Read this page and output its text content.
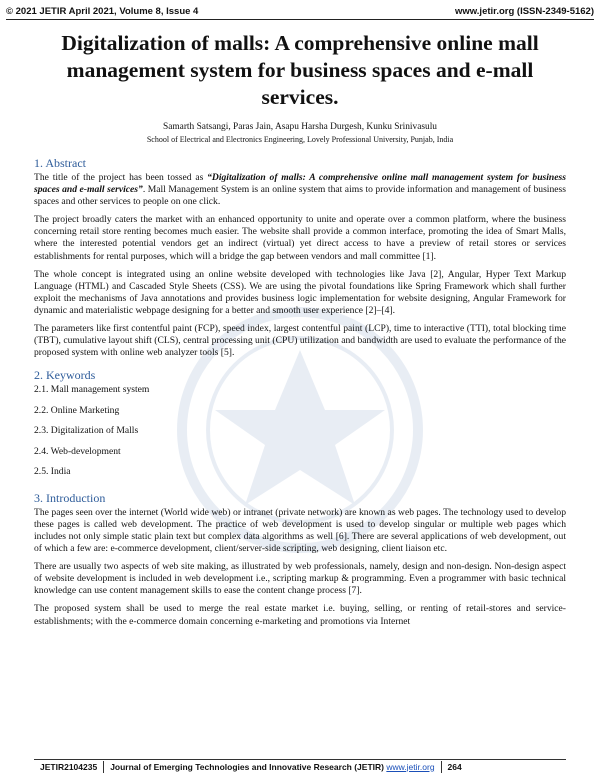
© 2021 JETIR April 2021, Volume 8, Issue 4	www.jetir.org (ISSN-2349-5162)
Digitalization of malls: A comprehensive online mall
management system for business spaces and e-mall
services.
Samarth Satsangi, Paras Jain, Asapu Harsha Durgesh, Kunku Srinivasulu
School of Electrical and Electronics Engineering, Lovely Professional University, Punjab, India
1. Abstract

The title of the project has been tossed as “Digitalization of malls: A comprehensive online mall management system for business spaces and e-mall services”. Mall Management System is an online system that aims to provide information and management of business spaces and other services to people on one click.

The project broadly caters the market with an enhanced opportunity to unite and operate over a common platform, where the business concerning retail store renting becomes much easier. The website shall provide a common interface, promoting the idea of Smart Malls, where the interested potential vendors get an indirect (virtual) yet direct access to have a preview of retail stores or services establishments for rental purposes, which will a bridge the gap between vendors and mall committee [1].

The whole concept is integrated using an online website developed with technologies like Java [2], Angular, Hyper Text Markup Language (HTML) and Cascaded Style Sheets (CSS). We are using the pivotal foundations like Spring Framework which shall further exploit the mechanisms of Java annotations and provides business logic implementation for website designing, Angular Framework for dynamic and materialistic webpage designing for a better and smooth user experience [2]–[4].

The parameters like first contentful paint (FCP), speed index, largest contentful paint (LCP), time to interactive (TTI), total blocking time (TBT), cumulative layout shift (CLS), central processing unit (CPU) utilization and bandwidth are used to evaluate the performance of the proposed system with online web analyzer tools [5].

2. Keywords
2.1. Mall management system
2.2. Online Marketing
2.3. Digitalization of Malls
2.4. Web-development
2.5. India
3. Introduction

The pages seen over the internet (World wide web) or intranet (private network) are known as web pages. The technology used to develop these pages is called web development. The practice of web development is used to develop singular or multiple web pages which includes not only simple static plain text but complex data algorithms as well [6]. There are several applications of web development, out of which a few are: e-commerce development, client/server-side scripting, web designing, client liaison etc.

There are usually two aspects of web site making, as illustrated by web professionals, namely, design and non-design. Non-design aspect of website development is included in web development i.e., scripting markup & programming. Even a programmer with basic technical knowledge can use content management skills to ease the content change process [7].

The proposed system shall be used to merge the real estate market i.e. buying, selling, or renting of retail-stores and service-establishments; with the e-commerce domain concerning e-marketing and promotions via Internet

JETIR2104235	Journal of Emerging Technologies and Innovative Research (JETIR) www.jetir.org	264
